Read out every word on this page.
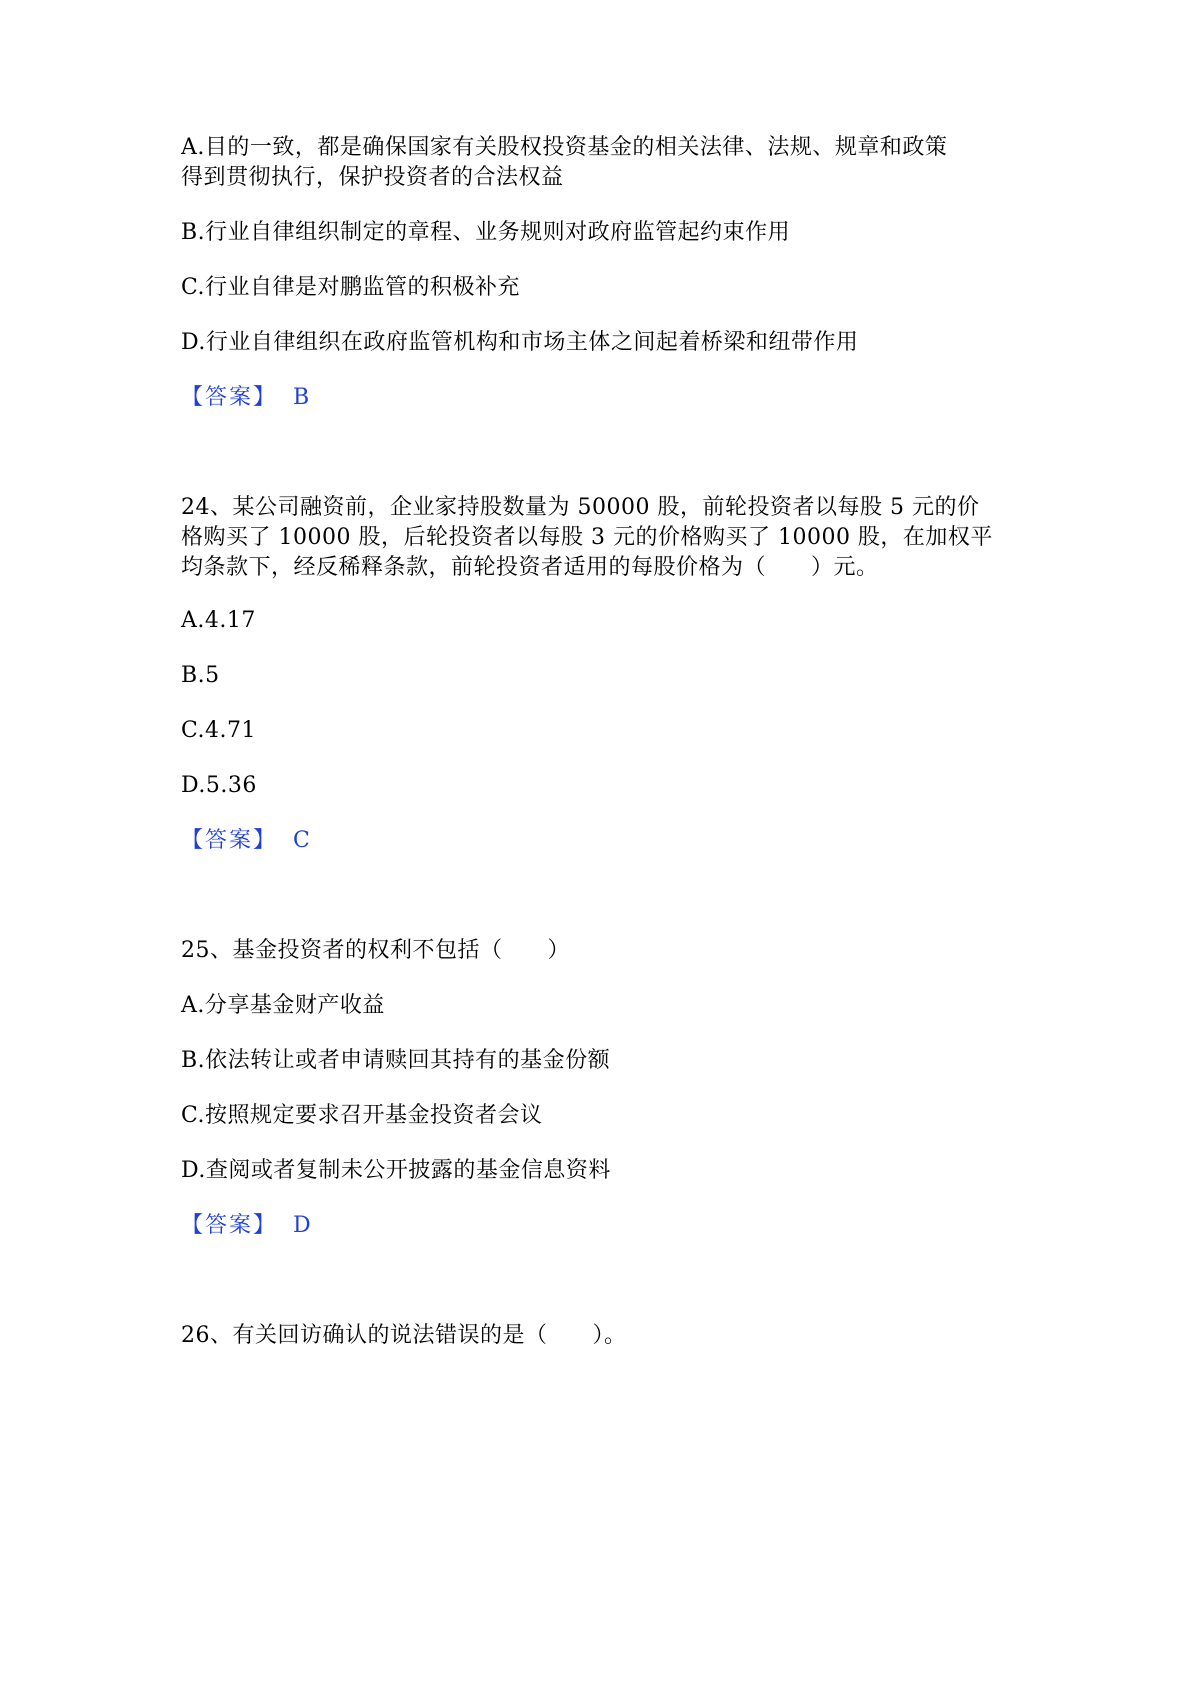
A.目的一致，都是确保国家有关股权投资基金的相关法律、法规、规章和政策
得到贯彻执行，保护投资者的合法权益
B.行业自律组织制定的章程、业务规则对政府监管起约束作用
C.行业自律是对鹏监管的积极补充
D.行业自律组织在政府监管机构和市场主体之间起着桥梁和纽带作用
【答案】 B
24、某公司融资前，企业家持股数量为 50000 股，前轮投资者以每股 5 元的价
格购买了 10000 股，后轮投资者以每股 3 元的价格购买了 10000 股，在加权平
均条款下，经反稀释条款，前轮投资者适用的每股价格为（　　）元。
A.4.17
B.5
C.4.71
D.5.36
【答案】 C
25、基金投资者的权利不包括（　　）
A.分享基金财产收益
B.依法转让或者申请赎回其持有的基金份额
C.按照规定要求召开基金投资者会议
D.查阅或者复制未公开披露的基金信息资料
【答案】 D
26、有关回访确认的说法错误的是（　　）。
